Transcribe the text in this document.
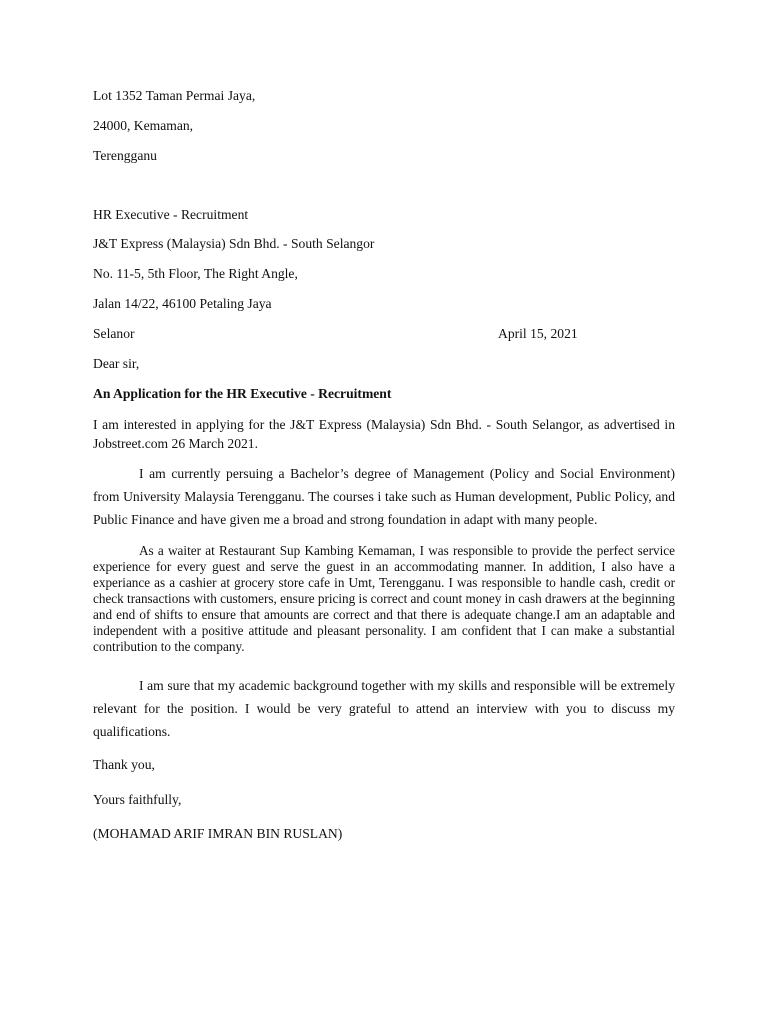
Lot 1352 Taman Permai Jaya,
24000, Kemaman,
Terengganu
HR Executive - Recruitment
J&T Express (Malaysia) Sdn Bhd. - South Selangor
No. 11-5, 5th Floor, The Right Angle,
Jalan 14/22, 46100 Petaling Jaya
Selanor	April 15, 2021
Dear sir,
An Application for the HR Executive - Recruitment

I am interested in applying for the J&T Express (Malaysia) Sdn Bhd. - South Selangor, as advertised in Jobstreet.com 26 March 2021.

I am currently persuing a Bachelor’s degree of Management (Policy and Social Environment) from University Malaysia Terengganu. The courses i take such as Human development, Public Policy, and Public Finance and have given me a broad and strong foundation in adapt with many people.

As a waiter at Restaurant Sup Kambing Kemaman, I was responsible to provide the perfect service experience for every guest and serve the guest in an accommodating manner. In addition, I also have a experiance as a cashier at grocery store cafe in Umt, Terengganu. I was responsible to handle cash, credit or check transactions with customers, ensure pricing is correct and count money in cash drawers at the beginning and end of shifts to ensure that amounts are correct and that there is adequate change.I am an adaptable and independent with a positive attitude and pleasant personality. I am confident that I can make a substantial contribution to the company.

I am sure that my academic background together with my skills and responsible will be extremely relevant for the position. I would be very grateful to attend an interview with you to discuss my qualifications.

Thank you,
Yours faithfully,
(MOHAMAD ARIF IMRAN BIN RUSLAN)
